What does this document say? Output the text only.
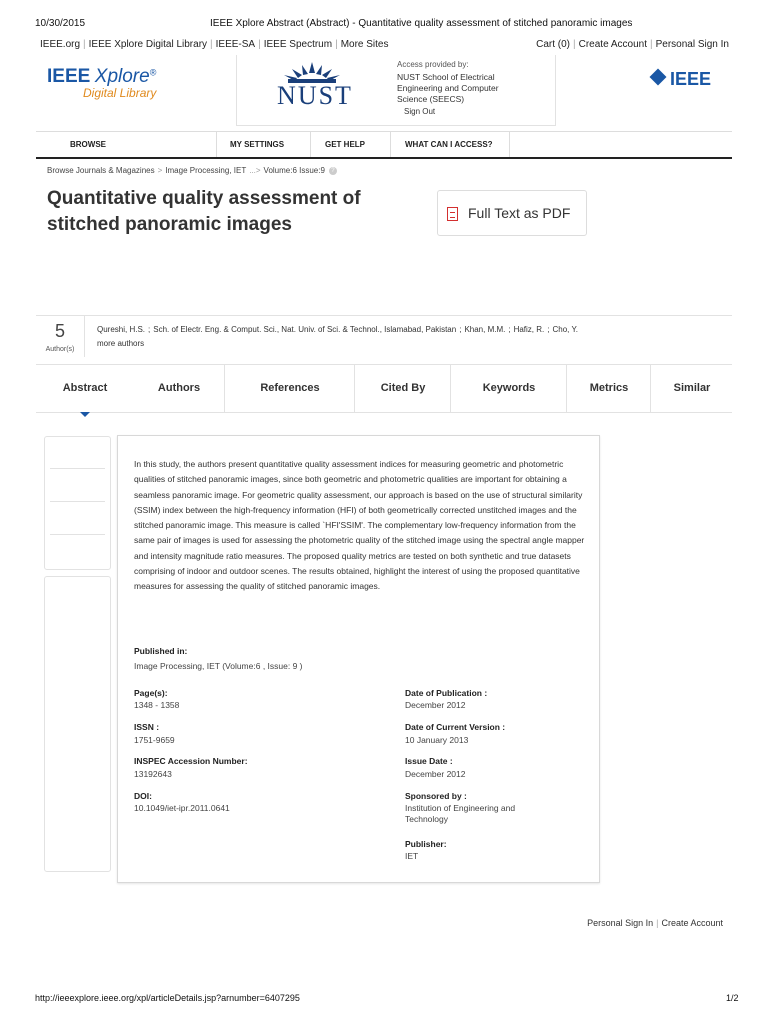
10/30/2015	IEEE Xplore Abstract (Abstract) - Quantitative quality assessment of stitched panoramic images
IEEE.org | IEEE Xplore Digital Library | IEEE-SA | IEEE Spectrum | More Sites	Cart (0) | Create Account | Personal Sign In
IEEE Xplore®
Digital Library	NUST
Access provided by:
NUST School of Electrical Engineering and Computer Science (SEECS)
Sign Out
IEEE
BROWSE	MY SETTINGS	GET HELP	WHAT CAN I ACCESS?
Browse Journals & Magazines > Image Processing, IET ...> Volume:6 Issue:9 ?
Quantitative quality assessment of stitched panoramic images
Full Text as PDF
5
Author(s)
Qureshi, H.S. ; Sch. of Electr. Eng. & Comput. Sci., Nat. Univ. of Sci. & Technol., Islamabad, Pakistan ; Khan, M.M. ; Hafiz, R. ; Cho, Y.
more authors
Abstract	Authors	References	Cited By	Keywords	Metrics	Similar
In this study, the authors present quantitative quality assessment indices for measuring geometric and photometric qualities of stitched panoramic images, since both geometric and photometric qualities are important for obtaining a seamless panoramic image. For geometric quality assessment, our approach is based on the use of structural similarity (SSIM) index between the high-frequency information (HFI) of both geometrically corrected unstitched images and the stitched panoramic image. This measure is called `HFI'SSIM'. The complementary low-frequency information from the same pair of images is used for assessing the photometric quality of the stitched image using the spectral angle mapper and intensity magnitude ratio measures. The proposed quality metrics are tested on both synthetic and true datasets comprising of indoor and outdoor scenes. The results obtained, highlight the interest of using the proposed quantitative measures for assessing the quality of stitched panoramic images.
Published in:
Image Processing, IET (Volume:6 , Issue: 9 )
Page(s):
1348 - 1358
ISSN :
1751-9659
INSPEC Accession Number:
13192643
DOI:
10.1049/iet-ipr.2011.0641
Date of Publication :
December 2012
Date of Current Version :
10 January 2013
Issue Date :
December 2012
Sponsored by :
Institution of Engineering and Technology
Publisher:
IET
Personal Sign In | Create Account
http://ieeexplore.ieee.org/xpl/articleDetails.jsp?arnumber=6407295	1/2
